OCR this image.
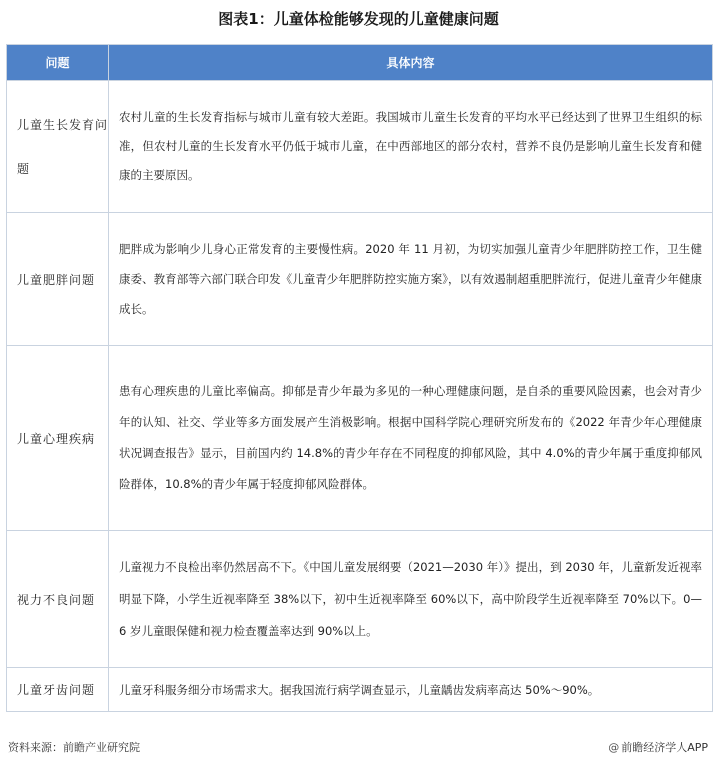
图表1：儿童体检能够发现的儿童健康问题
问题	具体内容
儿童生长发育问题	农村儿童的生长发育指标与城市儿童有较大差距。我国城市儿童生长发育的平均水平已经达到了世界卫生组织的标准，但农村儿童的生长发育水平仍低于城市儿童，在中西部地区的部分农村，营养不良仍是影响儿童生长发育和健康的主要原因。
儿童肥胖问题	肥胖成为影响少儿身心正常发育的主要慢性病。2020 年 11 月初，为切实加强儿童青少年肥胖防控工作，卫生健康委、教育部等六部门联合印发《儿童青少年肥胖防控实施方案》，以有效遏制超重肥胖流行，促进儿童青少年健康成长。
儿童心理疾病	患有心理疾患的儿童比率偏高。抑郁是青少年最为多见的一种心理健康问题，是自杀的重要风险因素，也会对青少年的认知、社交、学业等多方面发展产生消极影响。根据中国科学院心理研究所发布的《2022 年青少年心理健康状况调查报告》显示，目前国内约 14.8%的青少年存在不同程度的抑郁风险，其中 4.0%的青少年属于重度抑郁风险群体，10.8%的青少年属于轻度抑郁风险群体。
视力不良问题	儿童视力不良检出率仍然居高不下。《中国儿童发展纲要（2021—2030 年）》提出，到 2030 年，儿童新发近视率明显下降，小学生近视率降至 38%以下，初中生近视率降至 60%以下，高中阶段学生近视率降至 70%以下。0—6 岁儿童眼保健和视力检查覆盖率达到 90%以上。
儿童牙齿问题	儿童牙科服务细分市场需求大。据我国流行病学调查显示，儿童龋齿发病率高达 50%～90%。
资料来源：前瞻产业研究院	@ 前瞻经济学人APP
